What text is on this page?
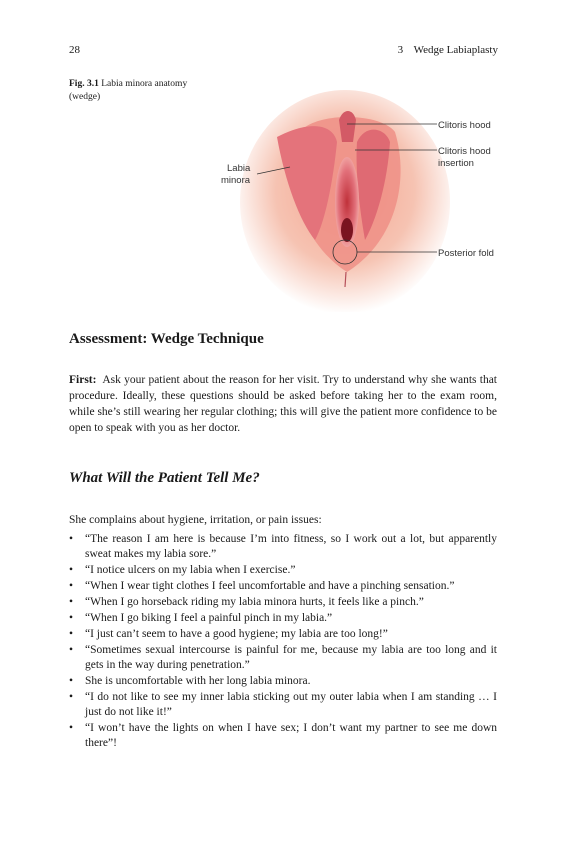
28	3 Wedge Labiaplasty
Fig. 3.1 Labia minora anatomy (wedge)
Clitoris hood
Clitoris hood
insertion
Labia
minora
Posterior fold
Assessment: Wedge Technique

First: Ask your patient about the reason for her visit. Try to understand why she wants that procedure. Ideally, these questions should be asked before taking her to the exam room, while she’s still wearing her regular clothing; this will give the patient more confidence to be open to speak with you as her doctor.

What Will the Patient Tell Me?

She complains about hygiene, irritation, or pain issues:

• “The reason I am here is because I’m into fitness, so I work out a lot, but apparently sweat makes my labia sore.”
• “I notice ulcers on my labia when I exercise.”
• “When I wear tight clothes I feel uncomfortable and have a pinching sensation.”
• “When I go horseback riding my labia minora hurts, it feels like a pinch.”
• “When I go biking I feel a painful pinch in my labia.”
• “I just can’t seem to have a good hygiene; my labia are too long!”
• “Sometimes sexual intercourse is painful for me, because my labia are too long and it gets in the way during penetration.”
• She is uncomfortable with her long labia minora.
• “I do not like to see my inner labia sticking out my outer labia when I am standing … I just do not like it!”
• “I won’t have the lights on when I have sex; I don’t want my partner to see me down there”!
